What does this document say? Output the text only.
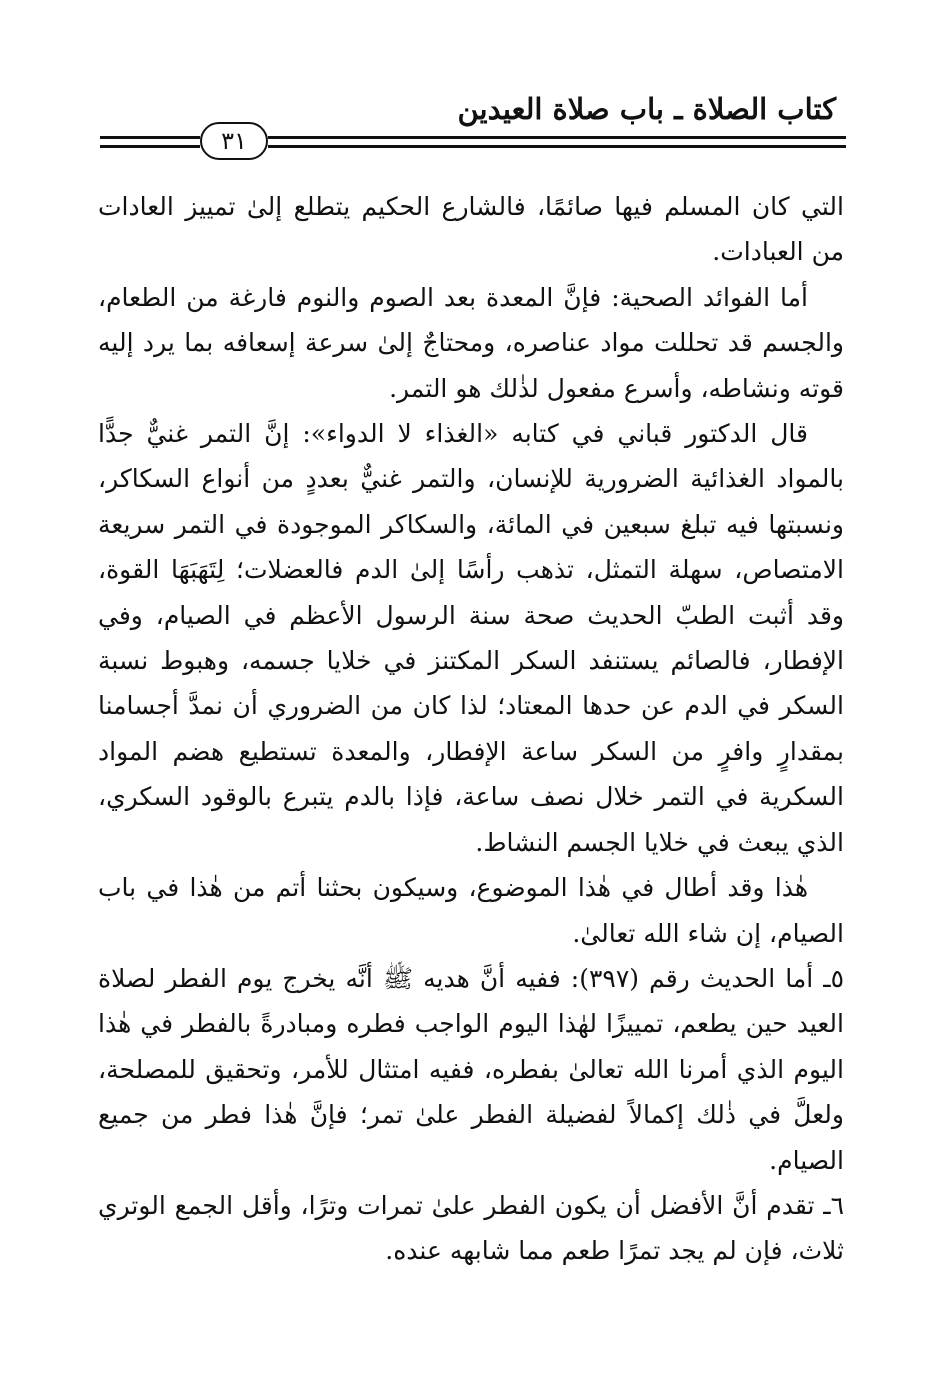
كتاب الصلاة ـ باب صلاة العيدين
٣١

التي كان المسلم فيها صائمًا، فالشارع الحكيم يتطلع إلىٰ تمييز العادات من العبادات.

أما الفوائد الصحية: فإنَّ المعدة بعد الصوم والنوم فارغة من الطعام، والجسم قد تحللت مواد عناصره، ومحتاجٌ إلىٰ سرعة إسعافه بما يرد إليه قوته ونشاطه، وأسرع مفعول لذٰلك هو التمر.

قال الدكتور قباني في كتابه «الغذاء لا الدواء»: إنَّ التمر غنيٌّ جدًّا بالمواد الغذائية الضرورية للإنسان، والتمر غنيٌّ بعددٍ من أنواع السكاكر، ونسبتها فيه تبلغ سبعين في المائة، والسكاكر الموجودة في التمر سريعة الامتصاص، سهلة التمثل، تذهب رأسًا إلىٰ الدم فالعضلات؛ لِتَهَبَهَا القوة، وقد أثبت الطبّ الحديث صحة سنة الرسول الأعظم في الصيام، وفي الإفطار، فالصائم يستنفد السكر المكتنز في خلايا جسمه، وهبوط نسبة السكر في الدم عن حدها المعتاد؛ لذا كان من الضروري أن نمدَّ أجسامنا بمقدارٍ وافرٍ من السكر ساعة الإفطار، والمعدة تستطيع هضم المواد السكرية في التمر خلال نصف ساعة، فإذا بالدم يتبرع بالوقود السكري، الذي يبعث في خلايا الجسم النشاط.

هٰذا وقد أطال في هٰذا الموضوع، وسيكون بحثنا أتم من هٰذا في باب الصيام، إن شاء الله تعالىٰ.

٥ـ أما الحديث رقم (٣٩٧): ففيه أنَّ هديه ﷺ أنَّه يخرج يوم الفطر لصلاة العيد حين يطعم، تمييزًا لهٰذا اليوم الواجب فطره ومبادرةً بالفطر في هٰذا اليوم الذي أمرنا الله تعالىٰ بفطره، ففيه امتثال للأمر، وتحقيق للمصلحة، ولعلَّ في ذٰلك إكمالاً لفضيلة الفطر علىٰ تمر؛ فإنَّ هٰذا فطر من جميع الصيام.

٦ـ تقدم أنَّ الأفضل أن يكون الفطر علىٰ تمرات وترًا، وأقل الجمع الوتري ثلاث، فإن لم يجد تمرًا طعم مما شابهه عنده.
